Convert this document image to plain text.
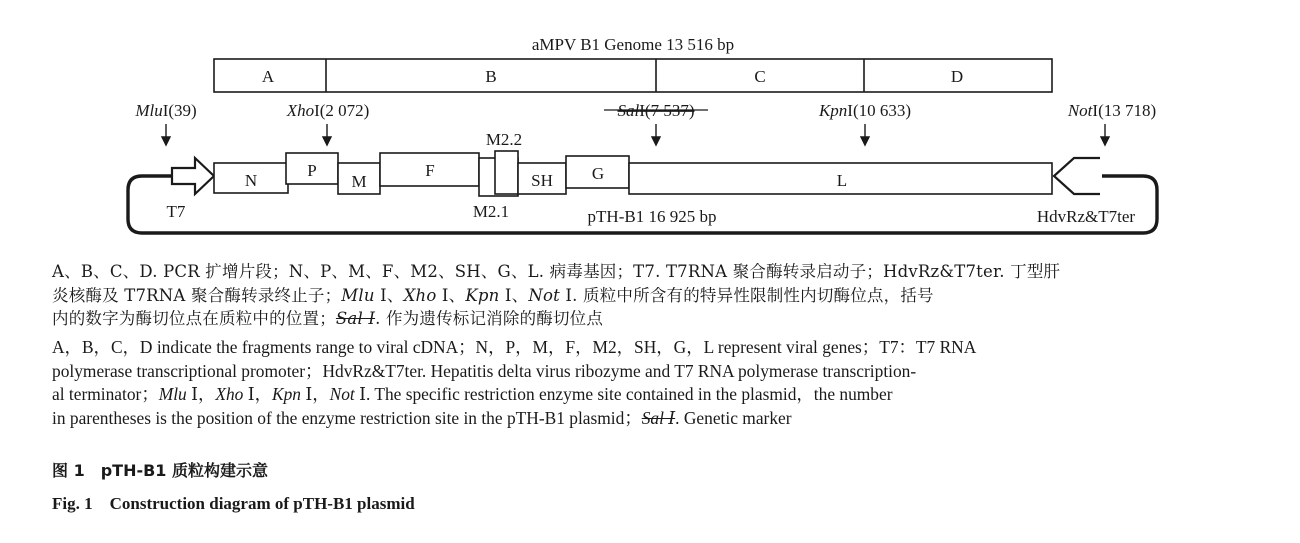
aMPV B1 Genome 13 516 bp
A	B	C	D
MluI(39)	XhoI(2 072)	SalI(7 537)	KpnI(10 633)	NotI(13 718)
N
P
M
F
M2.2
M2.1
SH G	L
T7	pTH-B1 16 925 bp	HdvRz&T7ter
A、B、C、D. PCR 扩增片段；N、P、M、F、M2、SH、G、L. 病毒基因；T7. T7RNA 聚合酶转录启动子；HdvRz&T7ter. 丁型肝
炎核酶及 T7RNA 聚合酶转录终止子；Mlu Ⅰ、Xho Ⅰ、Kpn Ⅰ、Not Ⅰ. 质粒中所含有的特异性限制性内切酶位点，括号
内的数字为酶切位点在质粒中的位置；Sal Ⅰ. 作为遗传标记消除的酶切位点
A，B，C，D indicate the fragments range to viral cDNA；N，P，M，F，M2，SH，G，L represent viral genes；T7：T7 RNA
polymerase transcriptional promoter；HdvRz&T7ter. Hepatitis delta virus ribozyme and T7 RNA polymerase transcription-
al terminator；Mlu Ⅰ，Xho Ⅰ，Kpn Ⅰ，Not Ⅰ. The specific restriction enzyme site contained in the plasmid，the number
in parentheses is the position of the enzyme restriction site in the pTH-B1 plasmid；Sal Ⅰ. Genetic marker
图 1　pTH-B1 质粒构建示意
Fig. 1　Construction diagram of pTH-B1 plasmid
